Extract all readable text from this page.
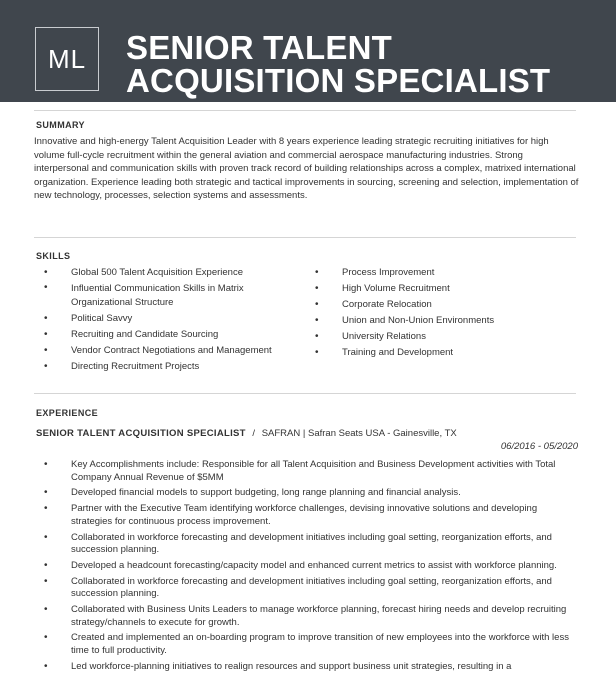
ML	SENIOR TALENT
ACQUISITION SPECIALIST
SUMMARY
Innovative and high-energy Talent Acquisition Leader with 8 years experience leading strategic recruiting initiatives for high volume full-cycle recruitment within the general aviation and commercial aerospace manufacturing industries. Strong interpersonal and communication skills with proven track record of building relationships across a complex, matrixed international organization. Experience leading both strategic and tactical improvements in sourcing, screening and selection, implementation of new technology, processes, selection systems and assessments.
SKILLS
• Global 500 Talent Acquisition Experience
• Influential Communication Skills in Matrix Organizational Structure
• Political Savvy
• Recruiting and Candidate Sourcing
• Vendor Contract Negotiations and Management
• Directing Recruitment Projects
• Process Improvement
• High Volume Recruitment
• Corporate Relocation
• Union and Non-Union Environments
• University Relations
• Training and Development
EXPERIENCE
SENIOR TALENT ACQUISITION SPECIALIST / SAFRAN | Safran Seats USA - Gainesville, TX
06/2016 - 05/2020
• Key Accomplishments include: Responsible for all Talent Acquisition and Business Development activities with Total Company Annual Revenue of $5MM
• Developed financial models to support budgeting, long range planning and financial analysis.
• Partner with the Executive Team identifying workforce challenges, devising innovative solutions and developing strategies for continuous process improvement.
• Collaborated in workforce forecasting and development initiatives including goal setting, reorganization efforts, and succession planning.
• Developed a headcount forecasting/capacity model and enhanced current metrics to assist with workforce planning.
• Collaborated in workforce forecasting and development initiatives including goal setting, reorganization efforts, and succession planning.
• Collaborated with Business Units Leaders to manage workforce planning, forecast hiring needs and develop recruiting strategy/channels to execute for growth.
• Created and implemented an on-boarding program to improve transition of new employees into the workforce with less time to full productivity.
• Led workforce-planning initiatives to realign resources and support business unit strategies, resulting in a
